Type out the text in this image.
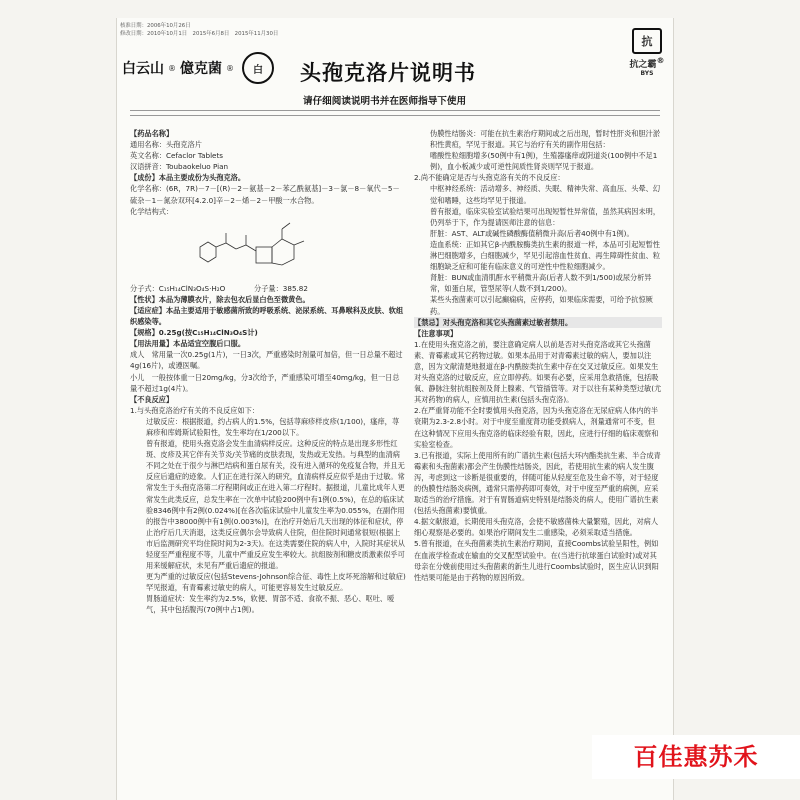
核准日期：2006年10月26日
修改日期：2010年10月1日　2015年6月8日　2015年11月30日
白云山 ® 億克菌 ®	白
抗
抗之霸®
BYS
头孢克洛片说明书
请仔细阅读说明书并在医师指导下使用

【药品名称】

通用名称：头孢克洛片

英文名称：Cefaclor Tablets

汉语拼音：Toubaokeluo Pian

【成份】本品主要成份为头孢克洛。

化学名称：(6R，7R)－7－[(R)－2－氨基－2－苯乙酰氨基]－3－氯－8－氧代－5－硫杂－1－氮杂双环[4.2.0]辛－2－烯－2－甲酸一水合物。

化学结构式：

分子式：C₁₅H₁₄ClN₃O₄S·H₂O　　　　分子量：385.82

【性状】本品为薄膜衣片，除去包衣后显白色至微黄色。

【适应症】本品主要适用于敏感菌所致的呼吸系统、泌尿系统、耳鼻喉科及皮肤、软组织感染等。

【规格】0.25g(按C₁₅H₁₄ClN₃O₄S计)

【用法用量】本品适宜空腹后口服。

成人　常用量一次0.25g(1片)，一日3次，严重感染时剂量可加倍，但一日总量不超过4g(16片)，或遵医嘱。

小儿　一般按体重一日20mg/kg，分3次给予，严重感染可增至40mg/kg，但一日总量不超过1g(4片)。

【不良反应】

1.与头孢克洛治疗有关的不良反应如下：

过敏反应：根据报道，约占病人的1.5%，包括荨麻疹样皮疹(1/100)，瘙痒，荨麻疹和库姆斯试验阳性，发生率均在1/200以下。

曾有报道，使用头孢克洛会发生血清病样反应。这种反应的特点是出现多形性红斑、皮疹及其它伴有关节炎/关节痛的皮肤表现，发热或无发热。与典型的血清病不同之处在于很少与淋巴结病和蛋白尿有关，没有进入循环的免疫复合物，并且无反应后遗症的迹象。人们正在进行深入的研究，血清病样反应似乎是由于过敏。常常发生于头孢克洛第二疗程期间或正在进入第二疗程时。据报道，儿童比成年人更常发生此类反应，总发生率在一次单中试验200例中有1例(0.5%)，在总的临床试验8346例中有2例(0.024%)[在各次临床试验中儿童发生率为0.055%，在副作用的报告中38000例中有1例(0.003%)]，在治疗开始后几天出现的体征和症状，停止治疗后几天消退，这类反应偶尔会导致病人住院，但住院时间通常很短(根据上市后监测研究平均住院时间为2-3天)。在这类需要住院的病人中，入院时其症状从轻度至严重程度不等，儿童中严重反应发生率较大。抗组胺剂和糖皮质激素似乎可用来缓解症状，未见有严重后遗症的报道。

更为严重的过敏反应(包括Stevens-Johnson综合征、毒性上皮坏死溶解和过敏症)罕见报道，有青霉素过敏史的病人，可能更容易发生过敏反应。

胃肠道症状：发生率约为2.5%，软便、胃部不适、食欲不振、恶心、呕吐、嗳气，其中包括腹泻(70例中占1例)。

伪膜性结肠炎：可能在抗生素治疗期间或之后出现，暂时性肝炎和胆汁淤积性黄疸，罕见于报道。其它与治疗有关的副作用包括：

嗜酸性粒细胞增多(50例中有1例)，生殖器瘙痒或阴道炎(100例中不足1例)，血小板减少或可逆性间质性肾炎则罕见于报道。

2.尚不能确定是否与头孢克洛有关的不良反应：

中枢神经系统：活动增多、神经质、失眠、精神失常、高血压、头晕、幻觉和嗜睡，这些均罕见于报道。

曾有报道，临床实验室试验结果可出现短暂性异常值，虽然其病因未明，仍列举于下，作为提请医师注意的信息：

肝脏：AST、ALT或碱性磷酸酶值稍微升高(后者40例中有1例)。

造血系统：正如其它β-内酰胺酶类抗生素的报道一样，本品可引起短暂性淋巴细胞增多，白细胞减少，罕见引起溶血性贫血、再生障碍性贫血、粒细胞缺乏症和可能有临床意义的可逆性中性粒细胞减少。

肾脏：BUN或血清肌酐水平稍微升高(后者人数不到1/500)或尿分析异常，如蛋白尿，管型尿等(人数不到1/200)。

某些头孢菌素可以引起癫痫病，应停药，如果临床需要，可给予抗惊厥药。

【禁忌】对头孢克洛和其它头孢菌素过敏者禁用。

【注意事项】

1.在使用头孢克洛之前，要注意确定病人以前是否对头孢克洛或其它头孢菌素、青霉素或其它药物过敏。如果本品用于对青霉素过敏的病人，要加以注意，因为文献清楚地报道在β-内酰胺类抗生素中存在交叉过敏反应。如果发生对头孢克洛的过敏反应，应立即停药。如果有必要，应采用急救措施，包括吸氧、静脉注射抗组胺剂及肾上腺素、气管插管等。对于以往有某种类型过敏(尤其对药物)的病人，应慎用抗生素(包括头孢克洛)。

2.在严重肾功能不全时要慎用头孢克洛，因为头孢克洛在无尿症病人体内的半衰期为2.3-2.8小时。对于中度至重度肾功能受损病人，剂量通常可不变，但在这种情况下应用头孢克洛的临床经验有限，因此，应进行仔细的临床观察和实验室检查。

3.已有报道，实际上使用所有的广谱抗生素(包括大环内酯类抗生素、半合成青霉素和头孢菌素)都会产生伪膜性结肠炎，因此，若使用抗生素的病人发生腹泻，考虑到这一诊断是很重要的，伴随可能从轻度至危及生命不等，对于轻度的伪膜性结肠炎病例，通常只需停药即可奏效，对于中度至严重的病例，应采取适当的治疗措施。对于有胃肠道病史特别是结肠炎的病人，使用广谱抗生素(包括头孢菌素)要慎重。

4.据文献报道，长期使用头孢克洛，会使不敏感菌株大量繁殖，因此，对病人细心观察是必要的。如果治疗期间发生二重感染，必须采取适当措施。

5.曾有报道，在头孢菌素类抗生素治疗期间，直接Coombs试验呈阳性，例如在血液学检查或在输血的交叉配型试验中。在(当进行抗球蛋白试验时)或对其母亲在分娩前使用过头孢菌素的新生儿进行Coombs试验时，医生应认识到阳性结果可能是由于药物的原因所致。

百佳惠苏禾
